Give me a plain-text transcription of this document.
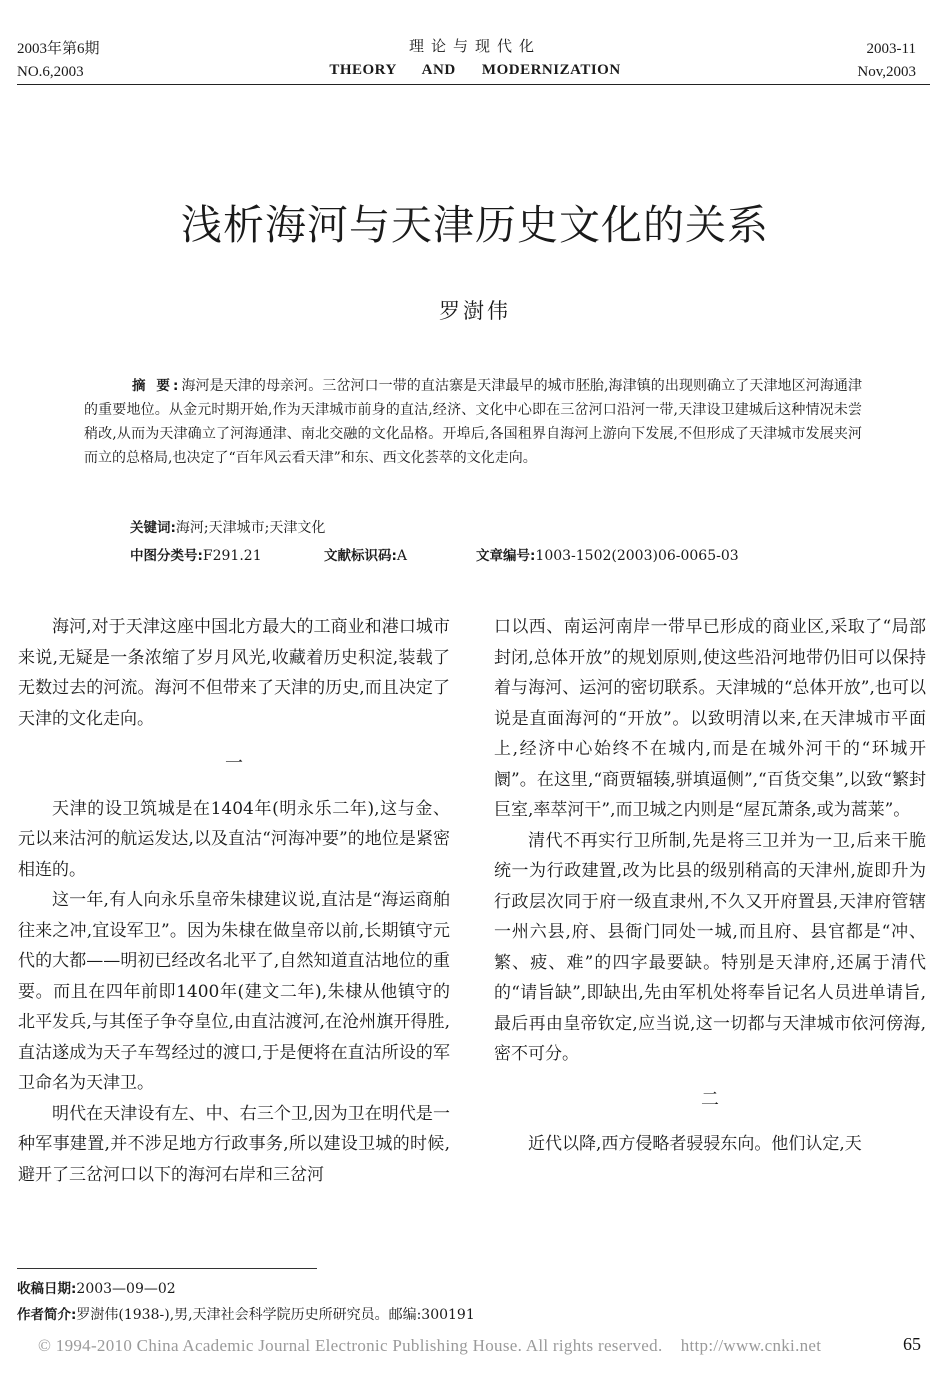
2003年第6期
NO.6,2003
理论与现代化
THEORY AND MODERNIZATION
2003-11
Nov,2003
浅析海河与天津历史文化的关系
罗澍伟
摘 要:海河是天津的母亲河。三岔河口一带的直沽寨是天津最早的城市胚胎,海津镇的出现则确立了天津地区河海通津的重要地位。从金元时期开始,作为天津城市前身的直沽,经济、文化中心即在三岔河口沿河一带,天津设卫建城后这种情况未尝稍改,从而为天津确立了河海通津、南北交融的文化品格。开埠后,各国租界自海河上游向下发展,不但形成了天津城市发展夹河而立的总格局,也决定了“百年风云看天津”和东、西文化荟萃的文化走向。
关键词:海河;天津城市;天津文化
中图分类号:F291.21	文献标识码:A	文章编号:1003-1502(2003)06-0065-03

海河,对于天津这座中国北方最大的工商业和港口城市来说,无疑是一条浓缩了岁月风光,收藏着历史积淀,装载了无数过去的河流。海河不但带来了天津的历史,而且决定了天津的文化走向。

一

天津的设卫筑城是在1404年(明永乐二年),这与金、元以来沽河的航运发达,以及直沽“河海冲要”的地位是紧密相连的。

这一年,有人向永乐皇帝朱棣建议说,直沽是“海运商舶往来之冲,宜设军卫”。因为朱棣在做皇帝以前,长期镇守元代的大都——明初已经改名北平了,自然知道直沽地位的重要。而且在四年前即1400年(建文二年),朱棣从他镇守的北平发兵,与其侄子争夺皇位,由直沽渡河,在沧州旗开得胜,直沽遂成为天子车驾经过的渡口,于是便将在直沽所设的军卫命名为天津卫。

明代在天津设有左、中、右三个卫,因为卫在明代是一种军事建置,并不涉足地方行政事务,所以建设卫城的时候,避开了三岔河口以下的海河右岸和三岔河

口以西、南运河南岸一带早已形成的商业区,采取了“局部封闭,总体开放”的规划原则,使这些沿河地带仍旧可以保持着与海河、运河的密切联系。天津城的“总体开放”,也可以说是直面海河的“开放”。以致明清以来,在天津城市平面上,经济中心始终不在城内,而是在城外河干的“环城开阛”。在这里,“商贾辐辏,骈填逼侧”,“百货交集”,以致“繁封巨室,率萃河干”,而卫城之内则是“屋瓦萧条,或为蒿莱”。

清代不再实行卫所制,先是将三卫并为一卫,后来干脆统一为行政建置,改为比县的级别稍高的天津州,旋即升为行政层次同于府一级直隶州,不久又开府置县,天津府管辖一州六县,府、县衙门同处一城,而且府、县官都是“冲、繁、疲、难”的四字最要缺。特别是天津府,还属于清代的“请旨缺”,即缺出,先由军机处将奉旨记名人员进单请旨,最后再由皇帝钦定,应当说,这一切都与天津城市依河傍海,密不可分。

二

近代以降,西方侵略者骎骎东向。他们认定,天

收稿日期:2003—09—02
作者简介:罗澍伟(1938-),男,天津社会科学院历史所研究员。邮编:300191
© 1994-2010 China Academic Journal Electronic Publishing House. All rights reserved.    http://www.cnki.net	65
